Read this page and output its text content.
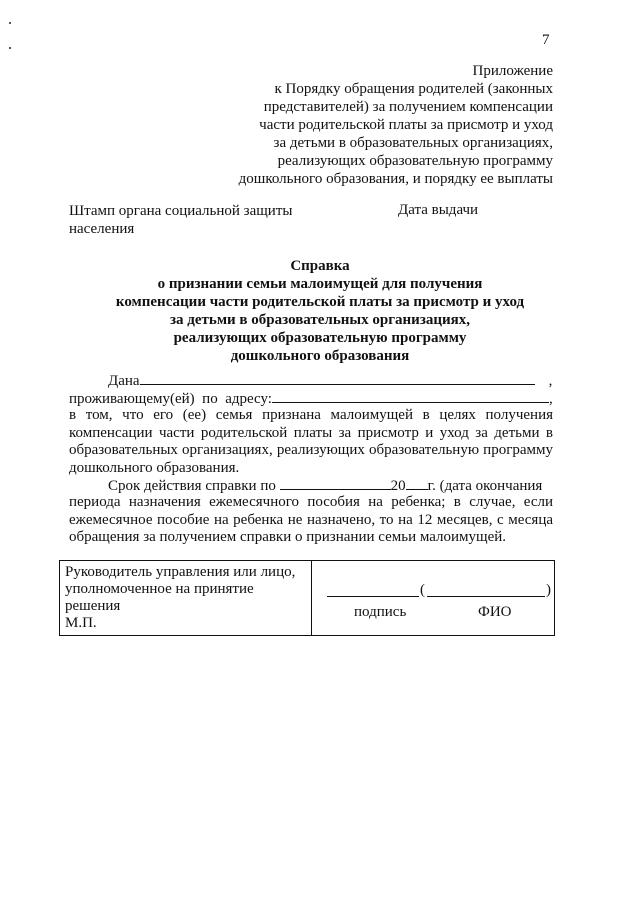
7
Приложение
к Порядку обращения родителей (законных
представителей) за получением компенсации
части родительской платы за присмотр и уход
за детьми в образовательных организациях,
реализующих образовательную программу
дошкольного образования, и порядку ее выплаты
Штамп органа социальной защиты
населения
Дата выдачи
Справка
о признании семьи малоимущей для получения
компенсации части родительской платы за присмотр и уход
за детьми в образовательных организациях,
реализующих образовательную программу
дошкольного образования
Дана	,
проживающему(ей)  по  адресу:	,
в том, что его (ее) семья признана малоимущей в целях получения компенсации части родительской платы за присмотр и уход за детьми в образовательных организациях, реализующих образовательную программу дошкольного образования.
Срок действия справки по	20 г. (дата окончания
периода назначения ежемесячного пособия на ребенка; в случае, если ежемесячное пособие на ребенка не назначено, то на 12 месяцев, с месяца обращения за получением справки о признании семьи малоимущей.
Руководитель управления или лицо,
уполномоченное на принятие
решения
М.П.

(	)
подпись	ФИО
